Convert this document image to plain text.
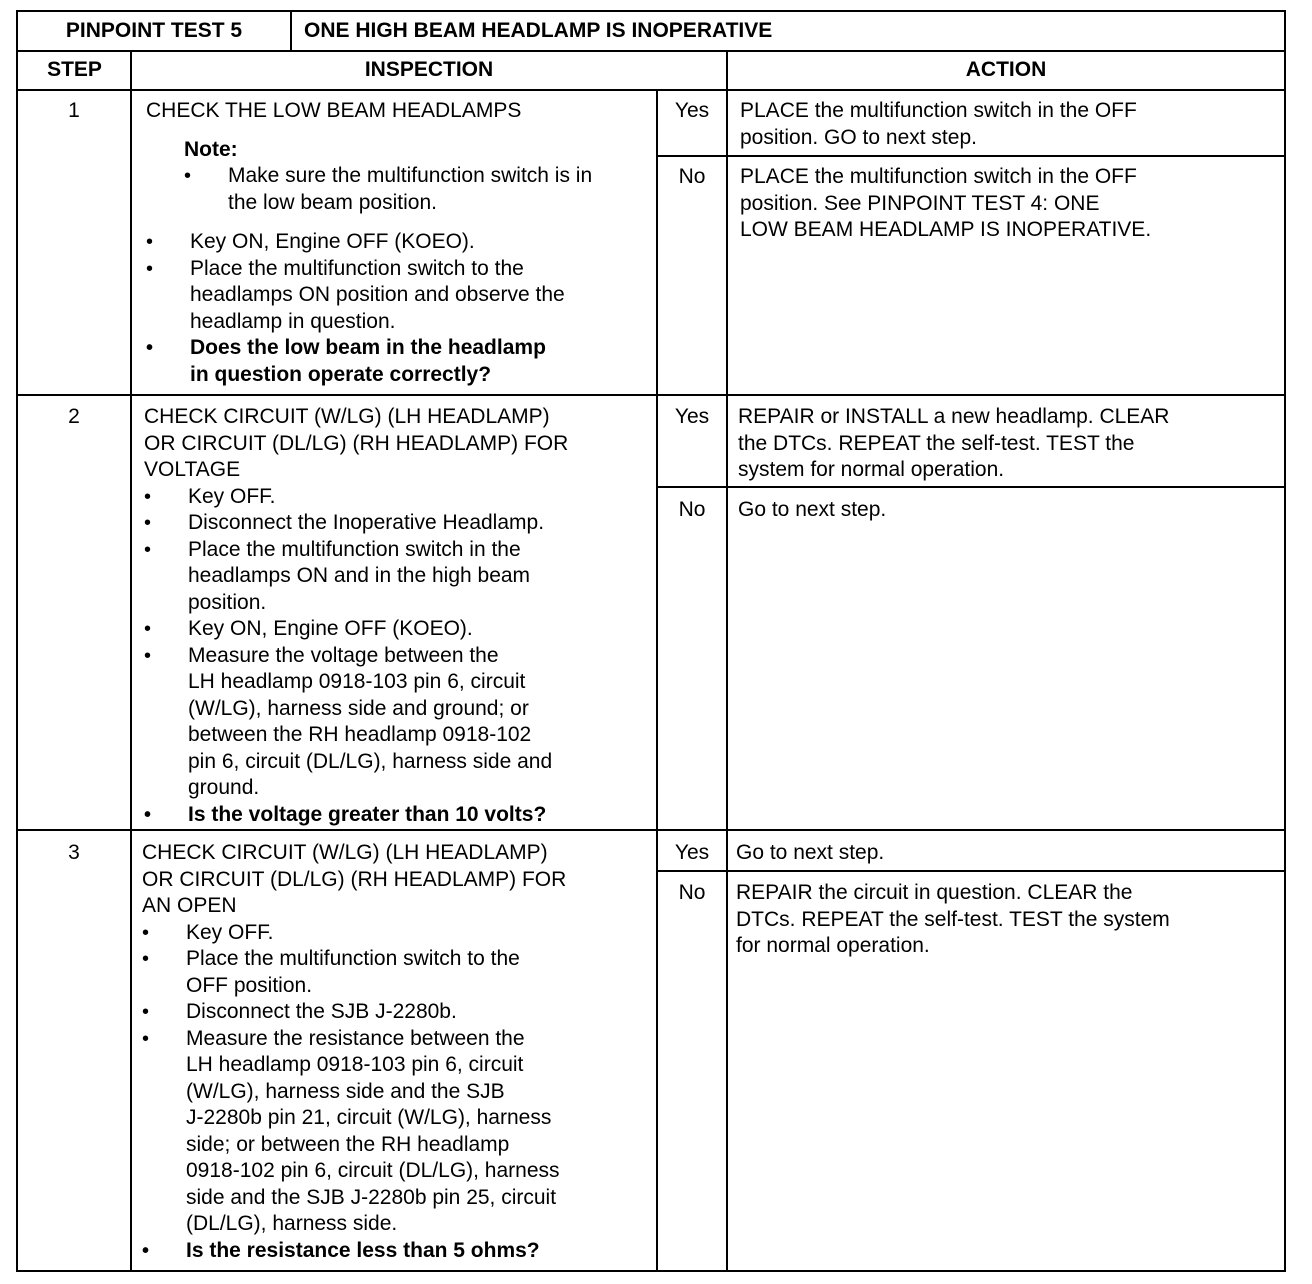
PINPOINT TEST 5	ONE HIGH BEAM HEADLAMP IS INOPERATIVE
STEP	INSPECTION	ACTION
1	CHECK THE LOW BEAM HEADLAMPS
Note:
• Make sure the multifunction switch is in
the low beam position.
• Key ON, Engine OFF (KOEO).
• Place the multifunction switch to the
headlamps ON position and observe the
headlamp in question.
• Does the low beam in the headlamp
in question operate correctly?
Yes	PLACE the multifunction switch in the OFF
position. GO to next step.
No	PLACE the multifunction switch in the OFF
position. See PINPOINT TEST 4: ONE
LOW BEAM HEADLAMP IS INOPERATIVE.
2	CHECK CIRCUIT (W/LG) (LH HEADLAMP)
OR CIRCUIT (DL/LG) (RH HEADLAMP) FOR
VOLTAGE
• Key OFF.
• Disconnect the Inoperative Headlamp.
• Place the multifunction switch in the
headlamps ON and in the high beam
position.
• Key ON, Engine OFF (KOEO).
• Measure the voltage between the
LH headlamp 0918-103 pin 6, circuit
(W/LG), harness side and ground; or
between the RH headlamp 0918-102
pin 6, circuit (DL/LG), harness side and
ground.
• Is the voltage greater than 10 volts?
Yes	REPAIR or INSTALL a new headlamp. CLEAR
the DTCs. REPEAT the self-test. TEST the
system for normal operation.
No	Go to next step.
3	CHECK CIRCUIT (W/LG) (LH HEADLAMP)
OR CIRCUIT (DL/LG) (RH HEADLAMP) FOR
AN OPEN
• Key OFF.
• Place the multifunction switch to the
OFF position.
• Disconnect the SJB J-2280b.
• Measure the resistance between the
LH headlamp 0918-103 pin 6, circuit
(W/LG), harness side and the SJB
J-2280b pin 21, circuit (W/LG), harness
side; or between the RH headlamp
0918-102 pin 6, circuit (DL/LG), harness
side and the SJB J-2280b pin 25, circuit
(DL/LG), harness side.
• Is the resistance less than 5 ohms?
Yes	Go to next step.
No	REPAIR the circuit in question. CLEAR the
DTCs. REPEAT the self-test. TEST the system
for normal operation.
